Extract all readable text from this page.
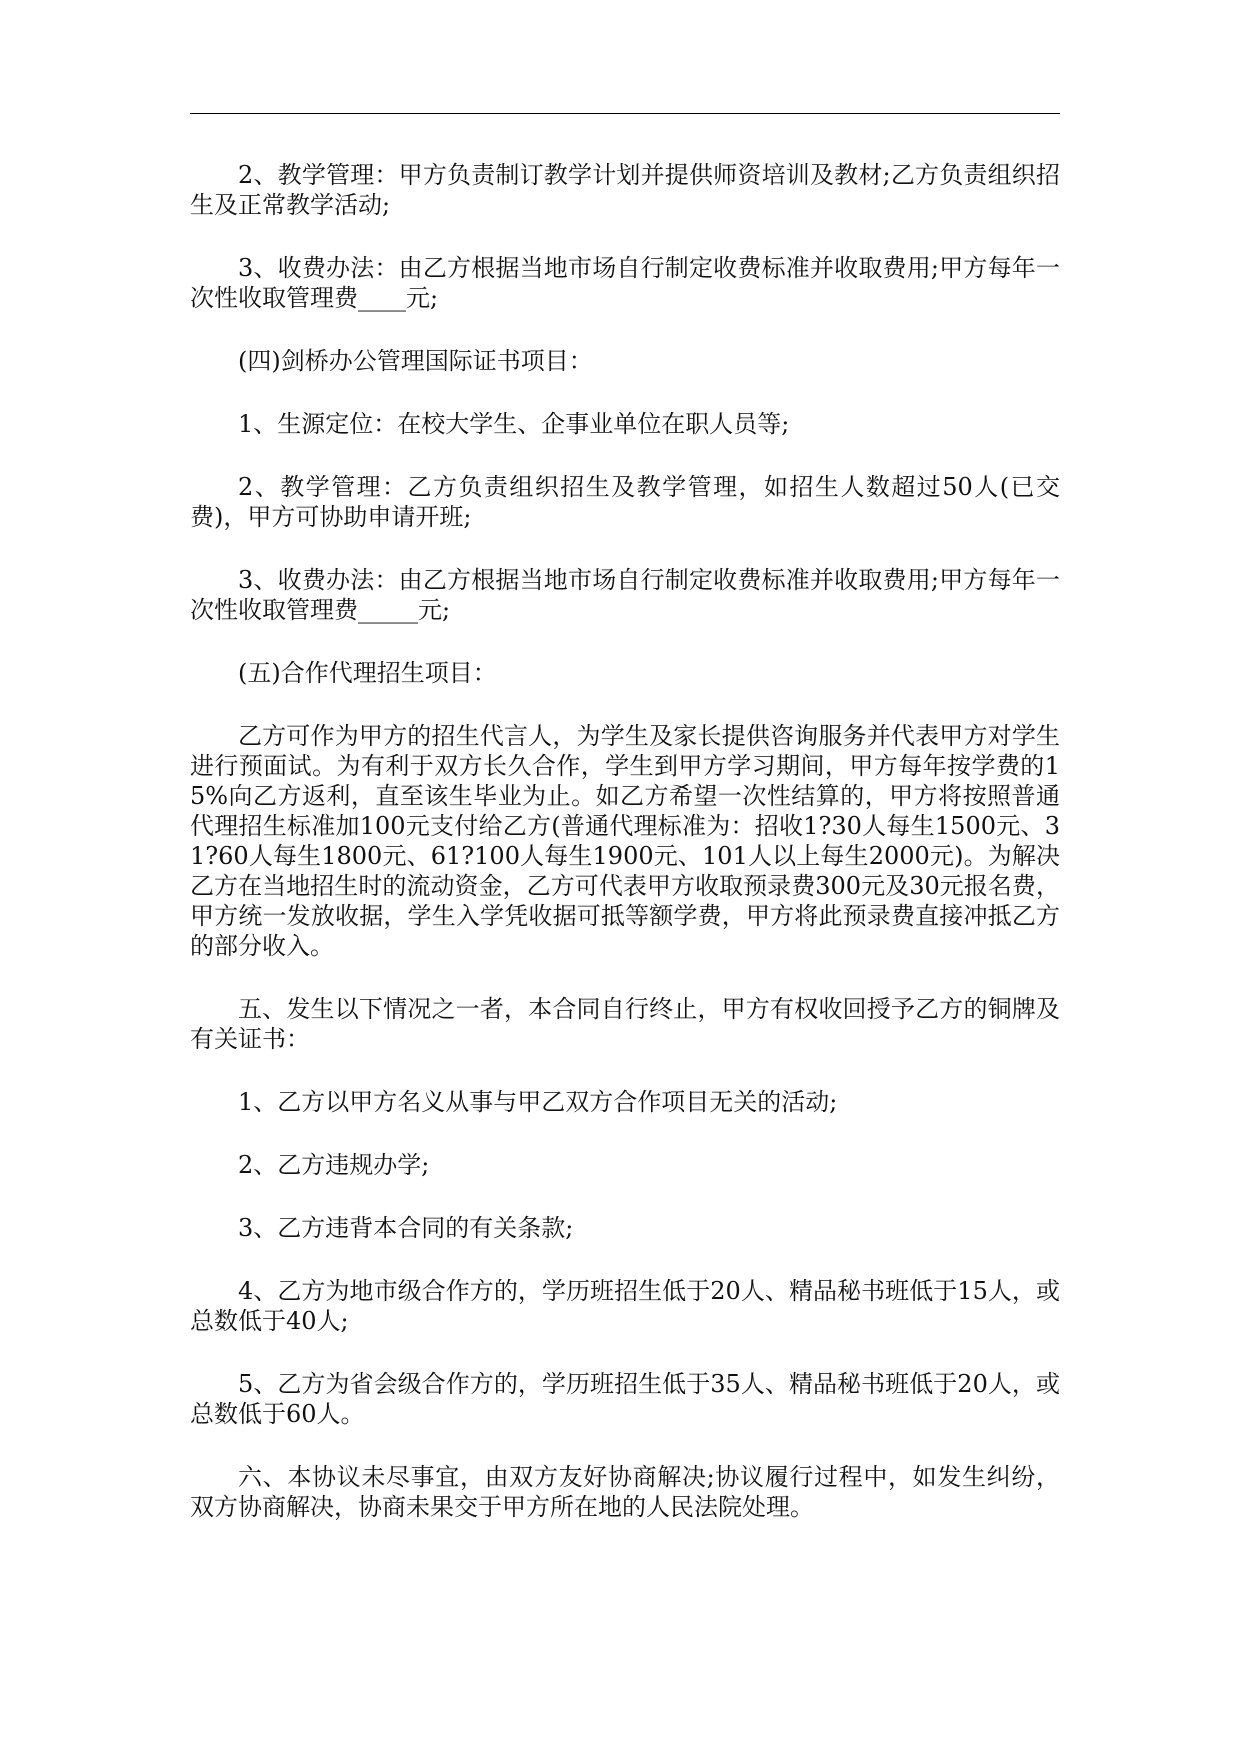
2、教学管理：甲方负责制订教学计划并提供师资培训及教材;乙方负责组织招生及正常教学活动;

3、收费办法：由乙方根据当地市场自行制定收费标准并收取费用;甲方每年一次性收取管理费____元;

(四)剑桥办公管理国际证书项目：

1、生源定位：在校大学生、企事业单位在职人员等;

2、教学管理：乙方负责组织招生及教学管理，如招生人数超过50人(已交费)，甲方可协助申请开班;

3、收费办法：由乙方根据当地市场自行制定收费标准并收取费用;甲方每年一次性收取管理费_____元;

(五)合作代理招生项目：

乙方可作为甲方的招生代言人，为学生及家长提供咨询服务并代表甲方对学生进行预面试。为有利于双方长久合作，学生到甲方学习期间，甲方每年按学费的15%向乙方返利，直至该生毕业为止。如乙方希望一次性结算的，甲方将按照普通代理招生标准加100元支付给乙方(普通代理标准为：招收1?30人每生1500元、31?60人每生1800元、61?100人每生1900元、101人以上每生2000元)。为解决乙方在当地招生时的流动资金，乙方可代表甲方收取预录费300元及30元报名费，甲方统一发放收据，学生入学凭收据可抵等额学费，甲方将此预录费直接冲抵乙方的部分收入。

五、发生以下情况之一者，本合同自行终止，甲方有权收回授予乙方的铜牌及有关证书：

1、乙方以甲方名义从事与甲乙双方合作项目无关的活动;

2、乙方违规办学;

3、乙方违背本合同的有关条款;

4、乙方为地市级合作方的，学历班招生低于20人、精品秘书班低于15人，或总数低于40人;

5、乙方为省会级合作方的，学历班招生低于35人、精品秘书班低于20人，或总数低于60人。

六、本协议未尽事宜，由双方友好协商解决;协议履行过程中，如发生纠纷，双方协商解决，协商未果交于甲方所在地的人民法院处理。
